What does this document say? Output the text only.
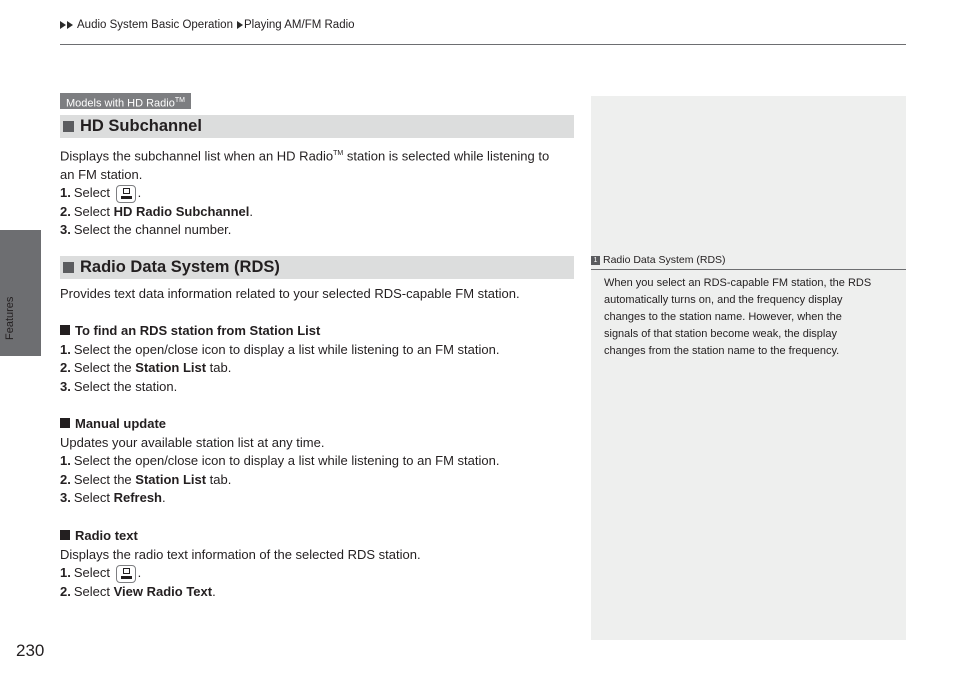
Audio System Basic Operation Playing AM/FM Radio
Features
Models with HD Radio™
HD Subchannel
Displays the subchannel list when an HD Radio™ station is selected while listening to
an FM station.
1. Select
.
2. Select HD Radio Subchannel.
3. Select the channel number.
Radio Data System (RDS)
Provides text data information related to your selected RDS-capable FM station.
To find an RDS station from Station List
1. Select the open/close icon to display a list while listening to an FM station.
2. Select the Station List tab.
3. Select the station.
Manual update
Updates your available station list at any time.
1. Select the open/close icon to display a list while listening to an FM station.
2. Select the Station List tab.
3. Select Refresh.
Radio text
Displays the radio text information of the selected RDS station.
1. Select
.
2. Select View Radio Text.
1 Radio Data System (RDS)
When you select an RDS-capable FM station, the RDS
automatically turns on, and the frequency display
changes to the station name. However, when the
signals of that station become weak, the display
changes from the station name to the frequency.
230
